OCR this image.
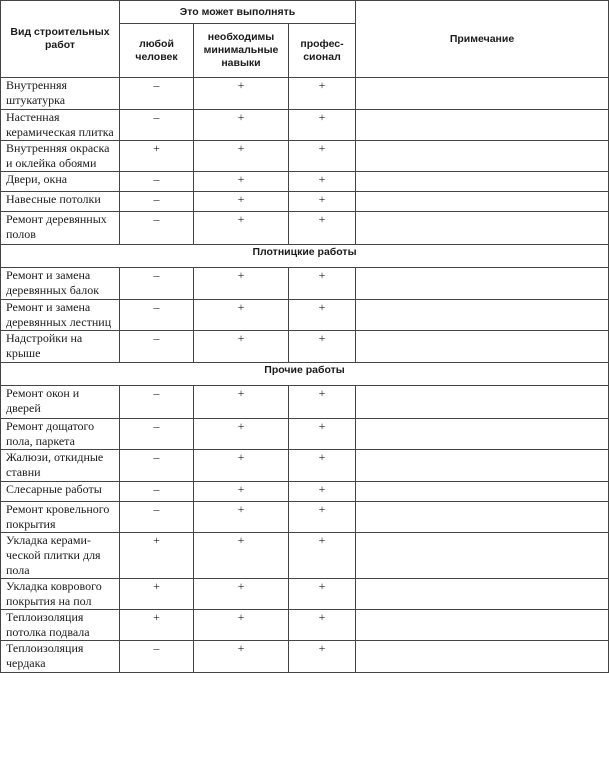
Вид строительных работ	Это может выполнять			Примечание
	любой человек	необходимы минимальные навыки	профес-сионал	
Внутренняя штукатурка	–	+	+	
Настенная керамическая плитка	–	+	+	
Внутренняя окраска и оклейка обоями	+	+	+	
Двери, окна	–	+	+	
Навесные потолки	–	+	+	
Ремонт деревянных полов	–	+	+	
Плотницкие работы				
Ремонт и замена деревянных балок	–	+	+	
Ремонт и замена деревянных лестниц	–	+	+	
Надстройки на крыше	–	+	+	
Прочие работы				
Ремонт окон и дверей	–	+	+	
Ремонт дощатого пола, паркета	–	+	+	
Жалюзи, откидные ставни	–	+	+	
Слесарные работы	–	+	+	
Ремонт кровельного покрытия	–	+	+	
Укладка керами-ческой плитки для пола	+	+	+	
Укладка коврового покрытия на пол	+	+	+	
Теплоизоляция потолка подвала	+	+	+	
Теплоизоляция чердака	–	+	+	
